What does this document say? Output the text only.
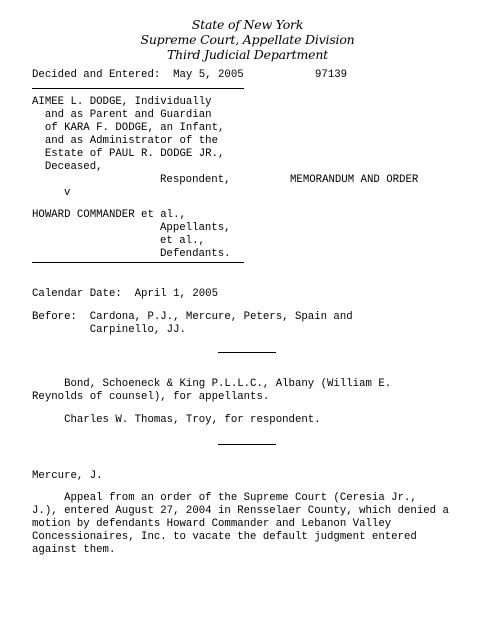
State of New York
Supreme Court, Appellate Division
Third Judicial Department
Decided and Entered:  May 5, 2005	97139
AIMEE L. DODGE, Individually
and as Parent and Guardian
of KARA F. DODGE, an Infant,
and as Administrator of the
Estate of PAUL R. DODGE JR.,
Deceased,
Respondent,	MEMORANDUM AND ORDER
v
HOWARD COMMANDER et al.,
Appellants,
et al.,
Defendants.
Calendar Date:  April 1, 2005
Before:  Cardona, P.J., Mercure, Peters, Spain and
Carpinello, JJ.
Bond, Schoeneck & King P.L.L.C., Albany (William E.
Reynolds of counsel), for appellants.
Charles W. Thomas, Troy, for respondent.
Mercure, J.
Appeal from an order of the Supreme Court (Ceresia Jr.,
J.), entered August 27, 2004 in Rensselaer County, which denied a
motion by defendants Howard Commander and Lebanon Valley
Concessionaires, Inc. to vacate the default judgment entered
against them.
